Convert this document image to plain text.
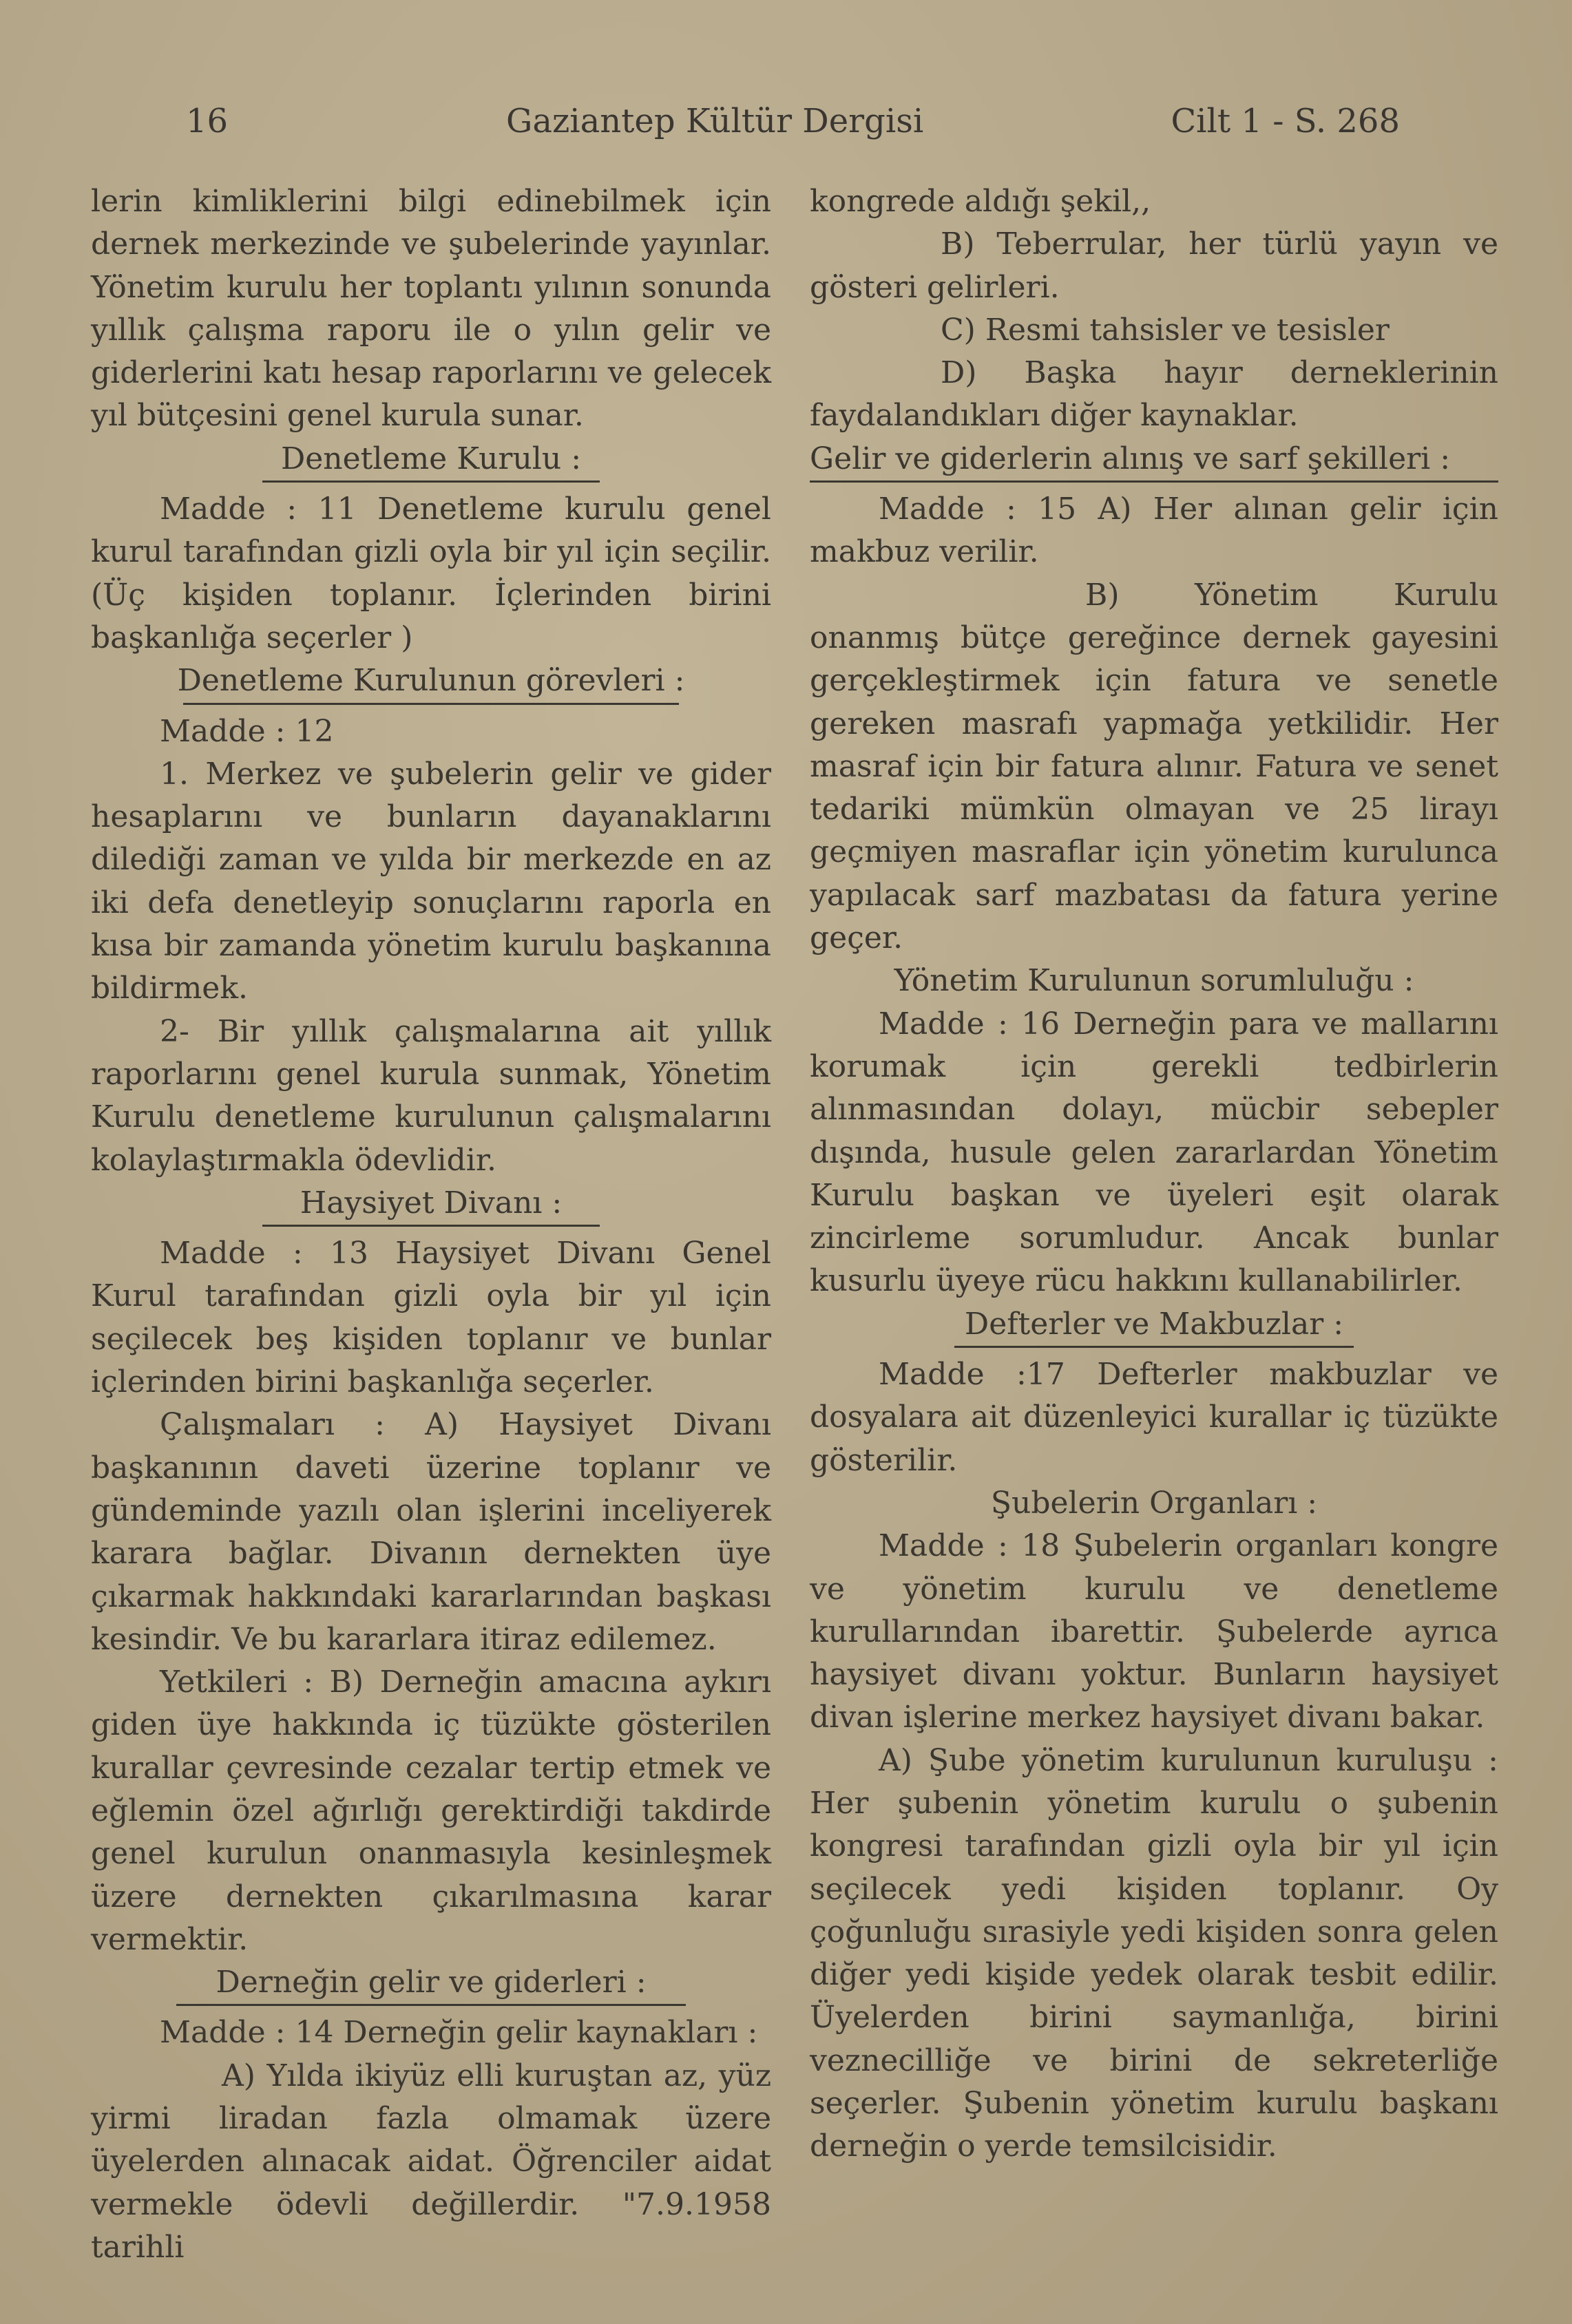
16	Gaziantep Kültür Dergisi	Cilt 1 - S. 268

lerin kimliklerini bilgi edinebilmek için dernek merkezinde ve şubelerinde yayınlar. Yönetim kurulu her toplantı yılının sonunda yıllık çalışma raporu ile o yılın gelir ve giderlerini katı hesap raporlarını ve gelecek yıl bütçesini genel kurula sunar.

Denetleme Kurulu :

Madde : 11 Denetleme kurulu genel kurul tarafından gizli oyla bir yıl için seçilir. (Üç kişiden toplanır. İçlerinden birini başkanlığa seçerler )

Denetleme Kurulunun görevleri :

Madde : 12

1. Merkez ve şubelerin gelir ve gider hesaplarını ve bunların dayanaklarını dilediği zaman ve yılda bir merkezde en az iki defa denetleyip sonuçlarını raporla en kısa bir zamanda yönetim kurulu başkanına bildirmek.

2- Bir yıllık çalışmalarına ait yıllık raporlarını genel kurula sunmak, Yönetim Kurulu denetleme kurulunun çalışmalarını kolaylaştırmakla ödevlidir.

Haysiyet Divanı :

Madde : 13 Haysiyet Divanı Genel Kurul tarafından gizli oyla bir yıl için seçilecek beş kişiden toplanır ve bunlar içlerinden birini başkanlığa seçerler.

Çalışmaları : A) Haysiyet Divanı başkanının daveti üzerine toplanır ve gündeminde yazılı olan işlerini inceliyerek karara bağlar. Divanın dernekten üye çıkarmak hakkındaki kararlarından başkası kesindir. Ve bu kararlara itiraz edilemez.

Yetkileri : B) Derneğin amacına aykırı giden üye hakkında iç tüzükte gösterilen kurallar çevresinde cezalar tertip etmek ve eğlemin özel ağırlığı gerektirdiği takdirde genel kurulun onanmasıyla kesinleşmek üzere dernekten çıkarılmasına karar vermektir.

Derneğin gelir ve giderleri :

Madde : 14 Derneğin gelir kaynakları :

A) Yılda ikiyüz elli kuruştan az, yüz yirmi liradan fazla olmamak üzere üyelerden alınacak aidat. Öğrenciler aidat vermekle ödevli değillerdir. "7.9.1958 tarihli

kongrede aldığı şekil,,

B) Teberrular, her türlü yayın ve gösteri gelirleri.

C) Resmi tahsisler ve tesisler

D) Başka hayır derneklerinin faydalandıkları diğer kaynaklar.

Gelir ve giderlerin alınış ve sarf şekilleri :

Madde : 15 A) Her alınan gelir için makbuz verilir.

B) Yönetim Kurulu onanmış bütçe gereğince dernek gayesini gerçekleştirmek için fatura ve senetle gereken masrafı yapmağa yetkilidir. Her masraf için bir fatura alınır. Fatura ve senet tedariki mümkün olmayan ve 25 lirayı geçmiyen masraflar için yönetim kurulunca yapılacak sarf mazbatası da fatura yerine geçer.

Yönetim Kurulunun sorumluluğu :

Madde : 16 Derneğin para ve mallarını korumak için gerekli tedbirlerin alınmasından dolayı, mücbir sebepler dışında, husule gelen zararlardan Yönetim Kurulu başkan ve üyeleri eşit olarak zincirleme sorumludur. Ancak bunlar kusurlu üyeye rücu hakkını kullanabilirler.

Defterler ve Makbuzlar :

Madde :17 Defterler makbuzlar ve dosyalara ait düzenleyici kurallar iç tüzükte gösterilir.

Şubelerin Organları :

Madde : 18 Şubelerin organları kongre ve yönetim kurulu ve denetleme kurullarından ibarettir. Şubelerde ayrıca haysiyet divanı yoktur. Bunların haysiyet divan işlerine merkez haysiyet divanı bakar.

A) Şube yönetim kurulunun kuruluşu : Her şubenin yönetim kurulu o şubenin kongresi tarafından gizli oyla bir yıl için seçilecek yedi kişiden toplanır. Oy çoğunluğu sırasiyle yedi kişiden sonra gelen diğer yedi kişide yedek olarak tesbit edilir. Üyelerden birini saymanlığa, birini veznecilliğe ve birini de sekreterliğe seçerler. Şubenin yönetim kurulu başkanı derneğin o yerde temsilcisidir.
